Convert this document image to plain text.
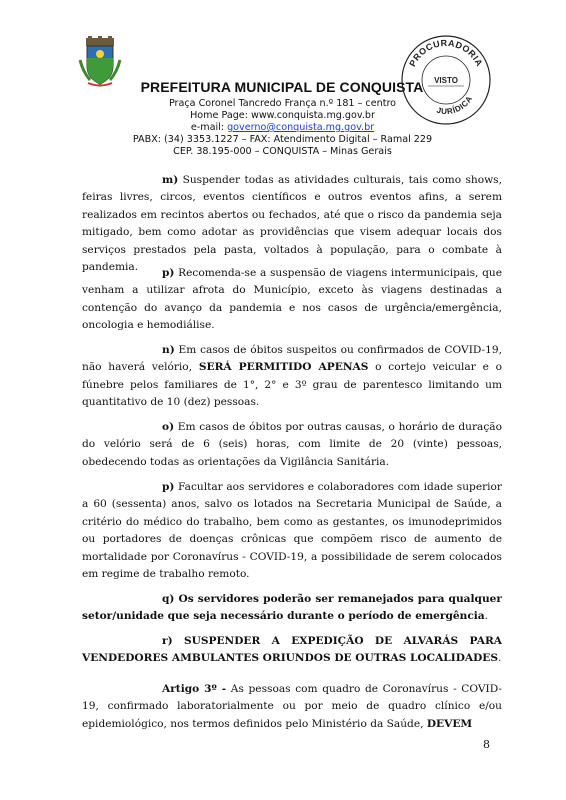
PREFEITURA MUNICIPAL DE CONQUISTA
Praça Coronel Tancredo França n.º 181 – centro
Home Page: www.conquista.mg.gov.br
e-mail: governo@conquista.mg.gov.br
PABX: (34) 3353.1227 – FAX: Atendimento Digital – Ramal 229
CEP. 38.195-000 – CONQUISTA – Minas Gerais
PROCURADORIA
VISTO
JURÍDICA
m) Suspender todas as atividades culturais, tais como shows, feiras livres, circos, eventos científicos e outros eventos afins, a serem realizados em recintos abertos ou fechados, até que o risco da pandemia seja mitigado, bem como adotar as providências que visem adequar locais dos serviços prestados pela pasta, voltados à população, para o combate à pandemia.	p) Recomenda-se a suspensão de viagens intermunicipais, que venham a utilizar afrota do Município, exceto às viagens destinadas a contenção do avanço da pandemia e nos casos de urgência/emergência, oncologia e hemodiálise.
n) Em casos de óbitos suspeitos ou confirmados de COVID-19, não haverá velório, SERÁ PERMITIDO APENAS o cortejo veicular e o fúnebre pelos familiares de 1°, 2° e 3º grau de parentesco limitando um quantitativo de 10 (dez) pessoas.
o) Em casos de óbitos por outras causas, o horário de duração do velório será de 6 (seis) horas, com limite de 20 (vinte) pessoas, obedecendo todas as orientações da Vigilância Sanitária.
p) Facultar aos servidores e colaboradores com idade superior a 60 (sessenta) anos, salvo os lotados na Secretaria Municipal de Saúde, a critério do médico do trabalho, bem como as gestantes, os imunodeprimidos ou portadores de doenças crônicas que compõem risco de aumento de mortalidade por Coronavírus - COVID-19, a possibilidade de serem colocados em regime de trabalho remoto.
q) Os servidores poderão ser remanejados para qualquer setor/unidade que seja necessário durante o período de emergência.
r) SUSPENDER A EXPEDIÇÃO DE ALVARÁS PARA VENDEDORES AMBULANTES ORIUNDOS DE OUTRAS LOCALIDADES.
Artigo 3º - As pessoas com quadro de Coronavírus - COVID-19, confirmado laboratorialmente ou por meio de quadro clínico e/ou epidemiológico, nos termos definidos pelo Ministério da Saúde, DEVEM
8
